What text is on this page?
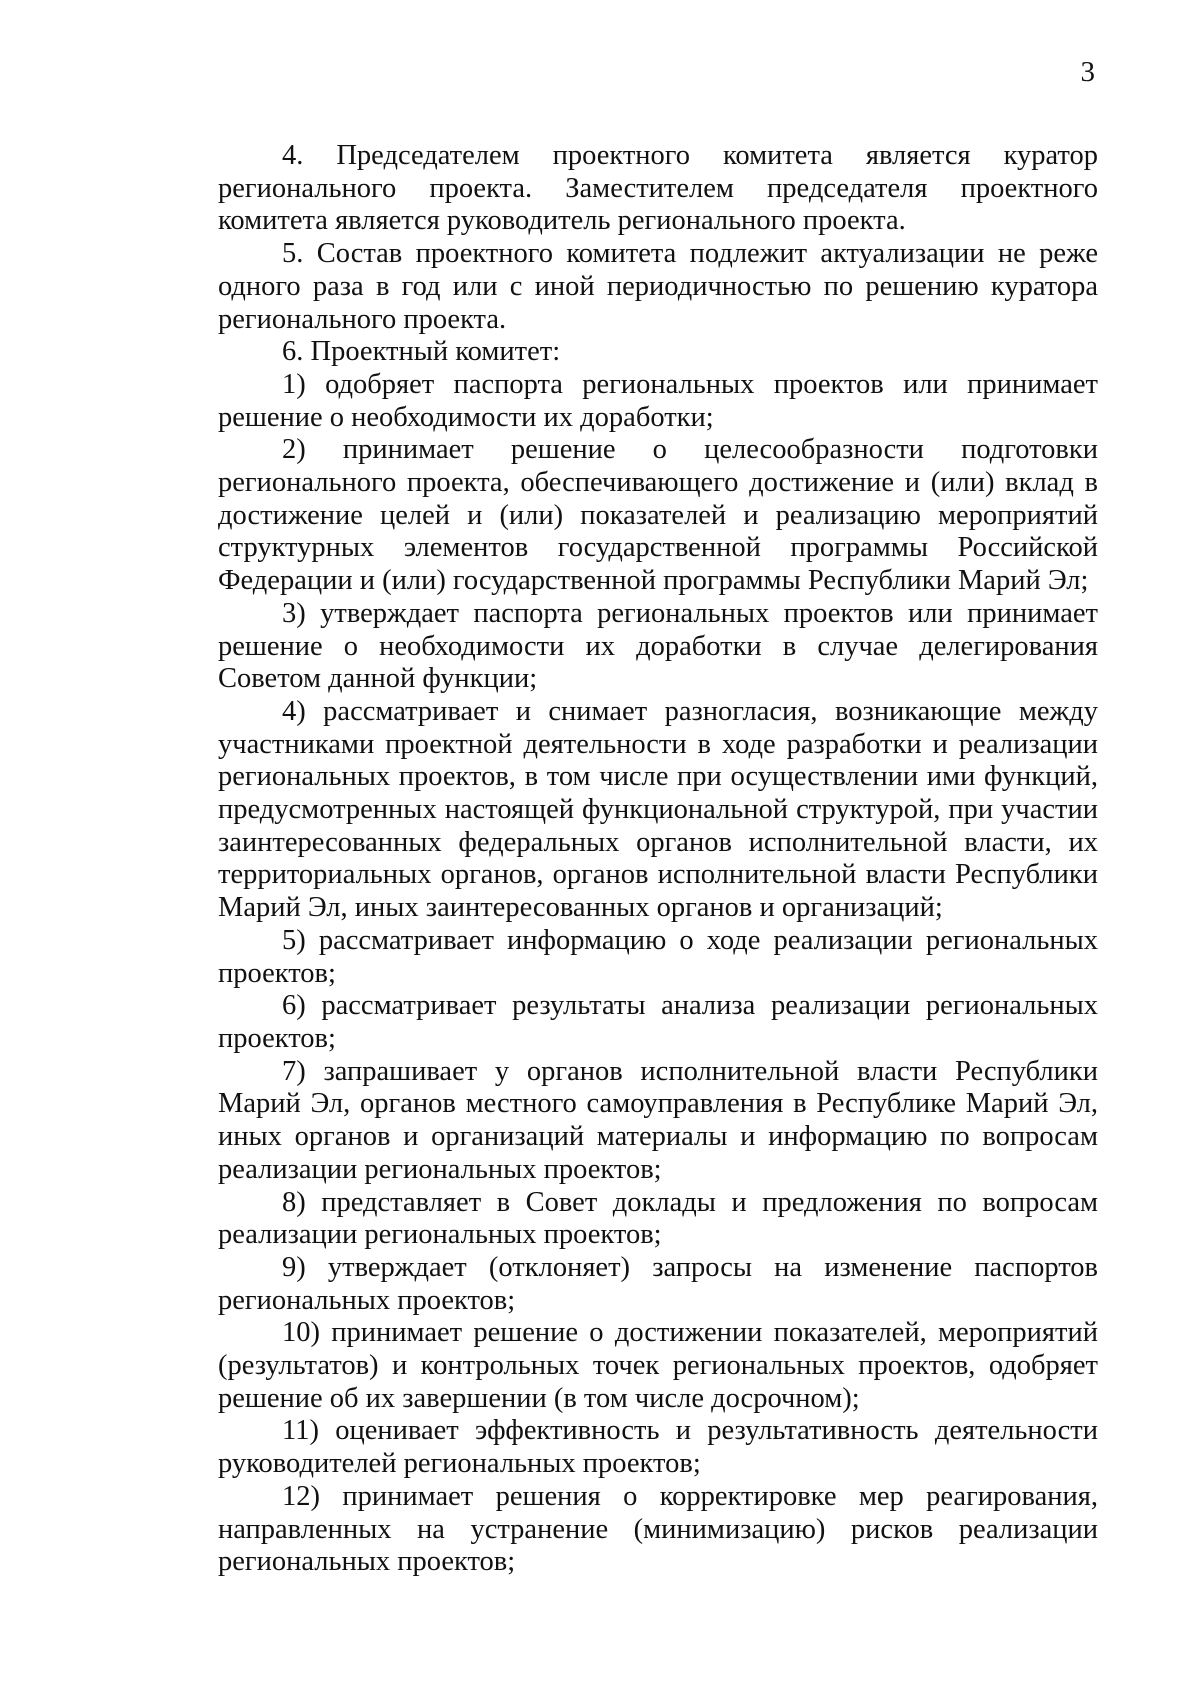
3

4. Председателем проектного комитета является куратор регионального проекта. Заместителем председателя проектного комитета является руководитель регионального проекта.

5. Состав проектного комитета подлежит актуализации не реже одного раза в год или с иной периодичностью по решению куратора регионального проекта.

6. Проектный комитет:

1) одобряет паспорта региональных проектов или принимает решение о необходимости их доработки;

2) принимает решение о целесообразности подготовки регионального проекта, обеспечивающего достижение и (или) вклад в достижение целей и (или) показателей и реализацию мероприятий структурных элементов государственной программы Российской Федерации и (или) государственной программы Республики Марий Эл;

3) утверждает паспорта региональных проектов или принимает решение о необходимости их доработки в случае делегирования Советом данной функции;

4) рассматривает и снимает разногласия, возникающие между участниками проектной деятельности в ходе разработки и реализации региональных проектов, в том числе при осуществлении ими функций, предусмотренных настоящей функциональной структурой, при участии заинтересованных федеральных органов исполнительной власти, их территориальных органов, органов исполнительной власти Республики Марий Эл, иных заинтересованных органов и организаций;

5) рассматривает информацию о ходе реализации региональных проектов;

6) рассматривает результаты анализа реализации региональных проектов;

7) запрашивает у органов исполнительной власти Республики Марий Эл, органов местного самоуправления в Республике Марий Эл, иных органов и организаций материалы и информацию по вопросам реализации региональных проектов;

8) представляет в Совет доклады и предложения по вопросам реализации региональных проектов;

9) утверждает (отклоняет) запросы на изменение паспортов региональных проектов;

10) принимает решение о достижении показателей, мероприятий (результатов) и контрольных точек региональных проектов, одобряет решение об их завершении (в том числе досрочном);

11) оценивает эффективность и результативность деятельности руководителей региональных проектов;

12) принимает решения о корректировке мер реагирования, направленных на устранение (минимизацию) рисков реализации региональных проектов;
